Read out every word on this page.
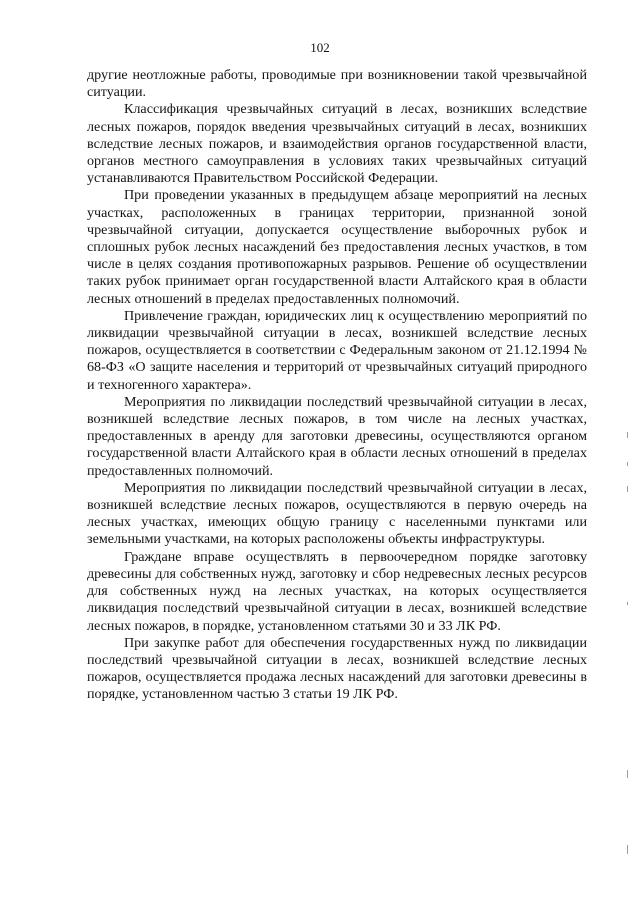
102

другие неотложные работы, проводимые при возникновении такой чрезвычайной ситуации.

Классификация чрезвычайных ситуаций в лесах, возникших вследствие лесных пожаров, порядок введения чрезвычайных ситуаций в лесах, возникших вследствие лесных пожаров, и взаимодействия органов государственной власти, органов местного самоуправления в условиях таких чрезвычайных ситуаций устанавливаются Правительством Российской Федерации.

При проведении указанных в предыдущем абзаце мероприятий на лесных участках, расположенных в границах территории, признанной зоной чрезвычайной ситуации, допускается осуществление выборочных рубок и сплошных рубок лесных насаждений без предоставления лесных участков, в том числе в целях создания противопожарных разрывов. Решение об осуществлении таких рубок принимает орган государственной власти Алтайского края в области лесных отношений в пределах предоставленных полномочий.

Привлечение граждан, юридических лиц к осуществлению мероприятий по ликвидации чрезвычайной ситуации в лесах, возникшей вследствие лесных пожаров, осуществляется в соответствии с Федеральным законом от 21.12.1994 № 68-ФЗ «О защите населения и территорий от чрезвычайных ситуаций природного и техногенного характера».

Мероприятия по ликвидации последствий чрезвычайной ситуации в лесах, возникшей вследствие лесных пожаров, в том числе на лесных участках, предоставленных в аренду для заготовки древесины, осуществляются органом государственной власти Алтайского края в области лесных отношений в пределах предоставленных полномочий.

Мероприятия по ликвидации последствий чрезвычайной ситуации в лесах, возникшей вследствие лесных пожаров, осуществляются в первую очередь на лесных участках, имеющих общую границу с населенными пунктами или земельными участками, на которых расположены объекты инфраструктуры.

Граждане вправе осуществлять в первоочередном порядке заготовку древесины для собственных нужд, заготовку и сбор недревесных лесных ресурсов для собственных нужд на лесных участках, на которых осуществляется ликвидация последствий чрезвычайной ситуации в лесах, возникшей вследствие лесных пожаров, в порядке, установленном статьями 30 и 33 ЛК РФ.

При закупке работ для обеспечения государственных нужд по ликвидации последствий чрезвычайной ситуации в лесах, возникшей вследствие лесных пожаров, осуществляется продажа лесных насаждений для заготовки древесины в порядке, установленном частью 3 статьи 19 ЛК РФ.
